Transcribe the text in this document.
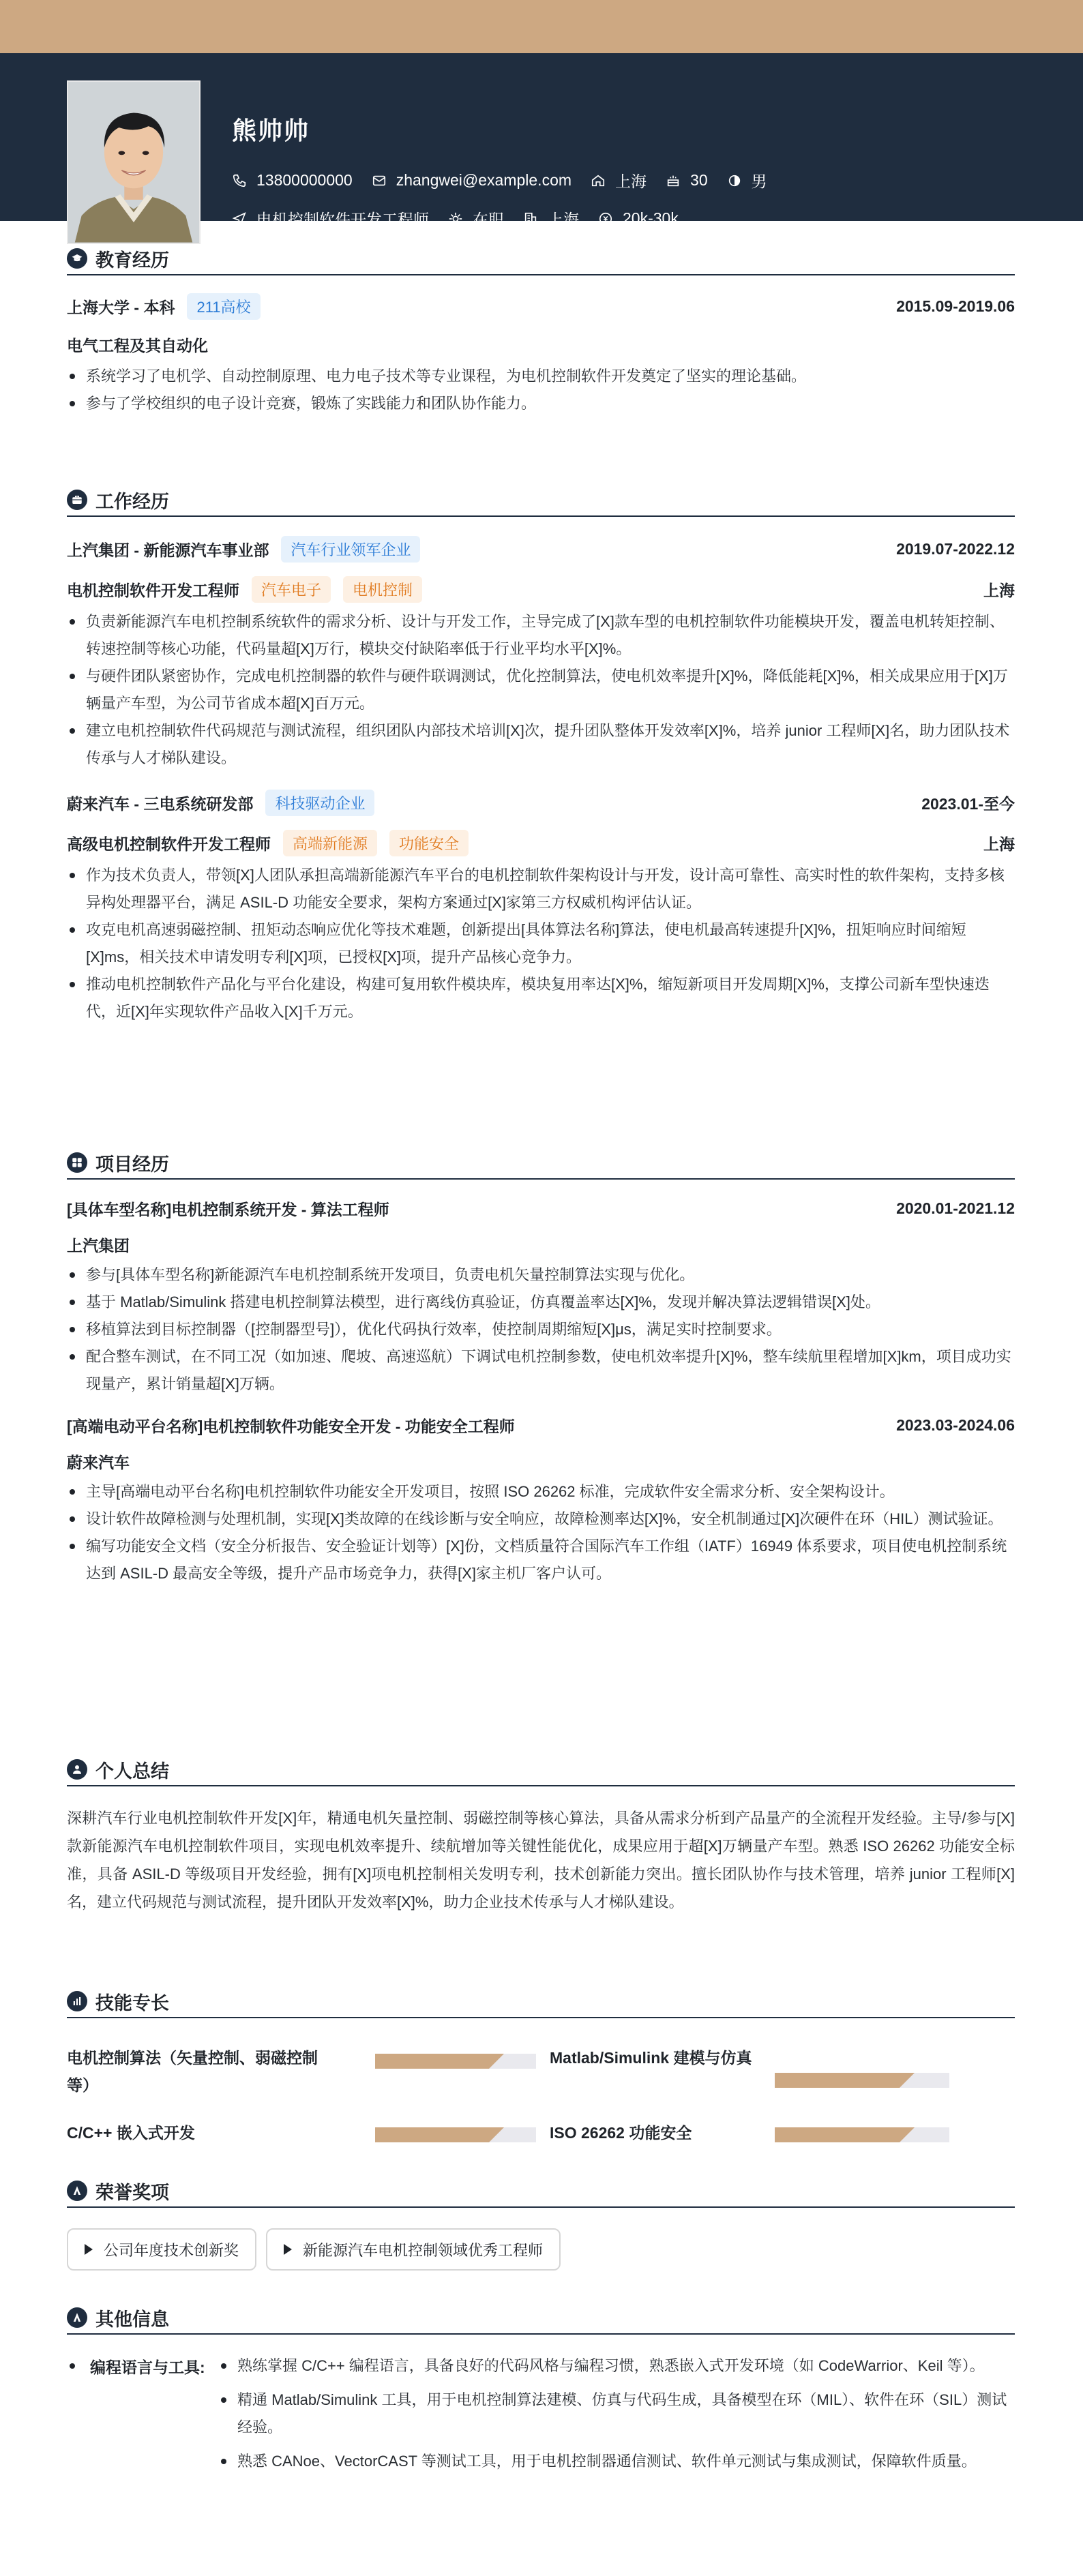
熊帅帅
13800000000	zhangwei@example.com	上海	30	男
电机控制软件开发工程师	在职	上海	20k-30k
教育经历
上海大学 - 本科	211高校	2015.09-2019.06
电气工程及其自动化
系统学习了电机学、自动控制原理、电力电子技术等专业课程，为电机控制软件开发奠定了坚实的理论基础。
参与了学校组织的电子设计竞赛，锻炼了实践能力和团队协作能力。
工作经历
上汽集团 - 新能源汽车事业部	汽车行业领军企业	2019.07-2022.12
电机控制软件开发工程师	汽车电子	电机控制	上海
负责新能源汽车电机控制系统软件的需求分析、设计与开发工作，主导完成了[X]款车型的电机控制软件功能模块开发，覆盖电机转矩控制、转速控制等核心功能，代码量超[X]万行，模块交付缺陷率低于行业平均水平[X]%。
与硬件团队紧密协作，完成电机控制器的软件与硬件联调测试，优化控制算法，使电机效率提升[X]%，降低能耗[X]%，相关成果应用于[X]万辆量产车型，为公司节省成本超[X]百万元。
建立电机控制软件代码规范与测试流程，组织团队内部技术培训[X]次，提升团队整体开发效率[X]%，培养 junior 工程师[X]名，助力团队技术传承与人才梯队建设。
蔚来汽车 - 三电系统研发部	科技驱动企业	2023.01-至今
高级电机控制软件开发工程师	高端新能源	功能安全	上海
作为技术负责人，带领[X]人团队承担高端新能源汽车平台的电机控制软件架构设计与开发，设计高可靠性、高实时性的软件架构，支持多核异构处理器平台，满足 ASIL-D 功能安全要求，架构方案通过[X]家第三方权威机构评估认证。
攻克电机高速弱磁控制、扭矩动态响应优化等技术难题，创新提出[具体算法名称]算法，使电机最高转速提升[X]%，扭矩响应时间缩短[X]ms，相关技术申请发明专利[X]项，已授权[X]项，提升产品核心竞争力。
推动电机控制软件产品化与平台化建设，构建可复用软件模块库，模块复用率达[X]%，缩短新项目开发周期[X]%，支撑公司新车型快速迭代，近[X]年实现软件产品收入[X]千万元。
项目经历
[具体车型名称]电机控制系统开发 - 算法工程师	2020.01-2021.12
上汽集团
参与[具体车型名称]新能源汽车电机控制系统开发项目，负责电机矢量控制算法实现与优化。
基于 Matlab/Simulink 搭建电机控制算法模型，进行离线仿真验证，仿真覆盖率达[X]%，发现并解决算法逻辑错误[X]处。
移植算法到目标控制器（[控制器型号]），优化代码执行效率，使控制周期缩短[X]μs，满足实时控制要求。
配合整车测试，在不同工况（如加速、爬坡、高速巡航）下调试电机控制参数，使电机效率提升[X]%，整车续航里程增加[X]km，项目成功实现量产，累计销量超[X]万辆。
[高端电动平台名称]电机控制软件功能安全开发 - 功能安全工程师	2023.03-2024.06
蔚来汽车
主导[高端电动平台名称]电机控制软件功能安全开发项目，按照 ISO 26262 标准，完成软件安全需求分析、安全架构设计。
设计软件故障检测与处理机制，实现[X]类故障的在线诊断与安全响应，故障检测率达[X]%，安全机制通过[X]次硬件在环（HIL）测试验证。
编写功能安全文档（安全分析报告、安全验证计划等）[X]份，文档质量符合国际汽车工作组（IATF）16949 体系要求，项目使电机控制系统达到 ASIL-D 最高安全等级，提升产品市场竞争力，获得[X]家主机厂客户认可。
个人总结

深耕汽车行业电机控制软件开发[X]年，精通电机矢量控制、弱磁控制等核心算法，具备从需求分析到产品量产的全流程开发经验。主导/参与[X]款新能源汽车电机控制软件项目，实现电机效率提升、续航增加等关键性能优化，成果应用于超[X]万辆量产车型。熟悉 ISO 26262 功能安全标准，具备 ASIL-D 等级项目开发经验，拥有[X]项电机控制相关发明专利，技术创新能力突出。擅长团队协作与技术管理，培养 junior 工程师[X]名，建立代码规范与测试流程，提升团队开发效率[X]%，助力企业技术传承与人才梯队建设。

技能专长
电机控制算法（矢量控制、弱磁控制等）
Matlab/Simulink 建模与仿真
C/C++ 嵌入式开发	ISO 26262 功能安全
荣誉奖项
公司年度技术创新奖	新能源汽车电机控制领域优秀工程师
其他信息
编程语言与工具:	熟练掌握 C/C++ 编程语言，具备良好的代码风格与编程习惯，熟悉嵌入式开发环境（如 CodeWarrior、Keil 等）。
精通 Matlab/Simulink 工具，用于电机控制算法建模、仿真与代码生成，具备模型在环（MIL）、软件在环（SIL）测试经验。
熟悉 CANoe、VectorCAST 等测试工具，用于电机控制器通信测试、软件单元测试与集成测试，保障软件质量。
